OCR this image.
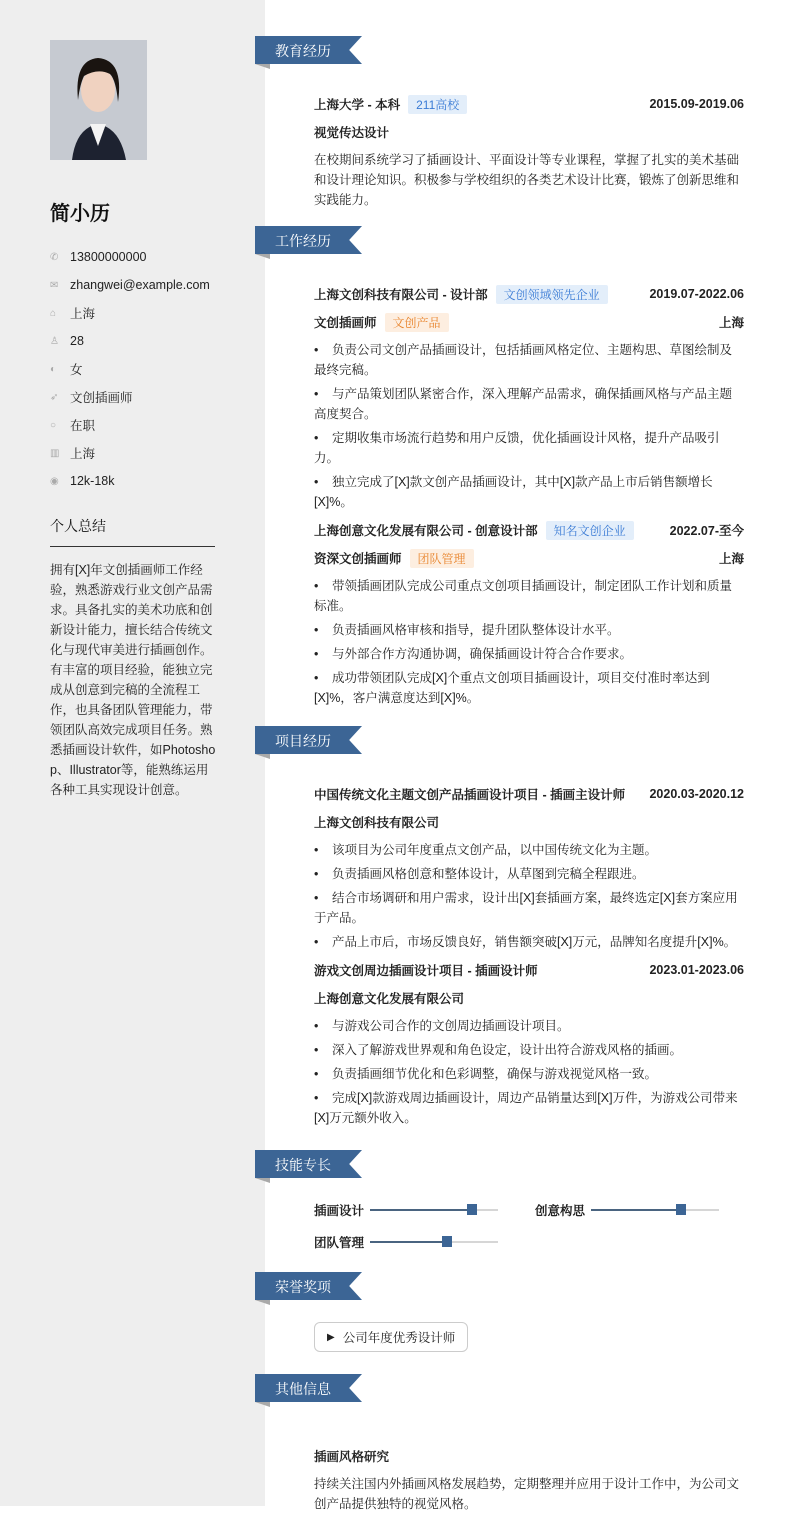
简小历
✆ 13800000000
✉ zhangwei@example.com
⌂	上海
♙ 28
◐	女
➶ 文创插画师
○	在职
▥ 上海
◉ 12k-18k
个人总结
拥有[X]年文创插画师工作经验，熟悉游戏行业文创产品需求。具备扎实的美术功底和创新设计能力，擅长结合传统文化与现代审美进行插画创作。有丰富的项目经验，能独立完成从创意到完稿的全流程工作，也具备团队管理能力，带领团队高效完成项目任务。熟悉插画设计软件，如Photoshop、Illustrator等，能熟练运用各种工具实现设计创意。
教育经历
上海大学 - 本科	211高校	2015.09-2019.06
视觉传达设计

在校期间系统学习了插画设计、平面设计等专业课程，掌握了扎实的美术基础和设计理论知识。积极参与学校组织的各类艺术设计比赛，锻炼了创新思维和实践能力。

工作经历
上海文创科技有限公司 - 设计部	文创领域领先企业	2019.07-2022.06
文创插画师	文创产品	上海
• 负责公司文创产品插画设计，包括插画风格定位、主题构思、草图绘制及最终完稿。
• 与产品策划团队紧密合作，深入理解产品需求，确保插画风格与产品主题高度契合。
• 定期收集市场流行趋势和用户反馈，优化插画设计风格，提升产品吸引力。
• 独立完成了[X]款文创产品插画设计，其中[X]款产品上市后销售额增长[X]%。
上海创意文化发展有限公司 - 创意设计部	知名文创企业	2022.07-至今
资深文创插画师	团队管理	上海
• 带领插画团队完成公司重点文创项目插画设计，制定团队工作计划和质量标准。
• 负责插画风格审核和指导，提升团队整体设计水平。
• 与外部合作方沟通协调，确保插画设计符合合作要求。
• 成功带领团队完成[X]个重点文创项目插画设计，项目交付准时率达到[X]%，客户满意度达到[X]%。
项目经历
中国传统文化主题文创产品插画设计项目 - 插画主设计师 2020.03-2020.12
上海文创科技有限公司
• 该项目为公司年度重点文创产品，以中国传统文化为主题。
• 负责插画风格创意和整体设计，从草图到完稿全程跟进。
• 结合市场调研和用户需求，设计出[X]套插画方案，最终选定[X]套方案应用于产品。
• 产品上市后，市场反馈良好，销售额突破[X]万元，品牌知名度提升[X]%。
游戏文创周边插画设计项目 - 插画设计师	2023.01-2023.06
上海创意文化发展有限公司
• 与游戏公司合作的文创周边插画设计项目。
• 深入了解游戏世界观和角色设定，设计出符合游戏风格的插画。
• 负责插画细节优化和色彩调整，确保与游戏视觉风格一致。
• 完成[X]款游戏周边插画设计，周边产品销量达到[X]万件，为游戏公司带来[X]万元额外收入。
技能专长
插画设计	创意构思
团队管理
荣誉奖项
▶ 公司年度优秀设计师
其他信息
插画风格研究

持续关注国内外插画风格发展趋势，定期整理并应用于设计工作中，为公司文创产品提供独特的视觉风格。
